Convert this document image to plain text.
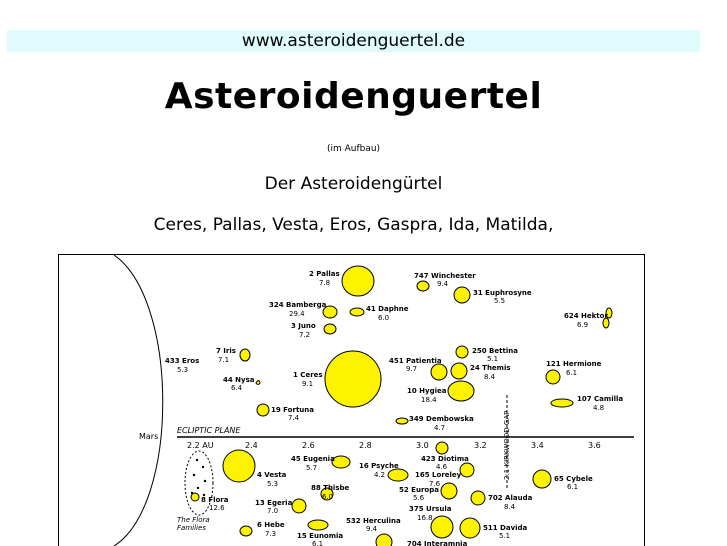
www.asteroidenguertel.de
Asteroidenguertel
(im Aufbau)
Der Asteroidengürtel
Ceres, Pallas, Vesta, Eros, Gaspra, Ida, Matilda,
Mars
ECLIPTIC PLANE	2:1 KIRKWOOD GAP
2.2 AU	2.4	2.6	2.8	3.0	3.2	3.4	3.6
The Flora
Families
2 Pallas
7.8
747 Winchester
9.4
31 Euphrosyne
5.5
324 Bamberga
29.4
41 Daphne
6.0
3 Juno
7.2
624 Hektor
6.9
7 Iris
7.1
433 Eros
5.3
44 Nysa
6.4
1 Ceres
9.1
451 Patientia
9.7
250 Bettina
5.1
24 Themis
8.4
121 Hermione
6.1
10 Hygiea
18.4	107 Camilla
4.8
19 Fortuna
7.4	349 Dembowska
4.7
45 Eugenia
5.7
4 Vesta
5.3
16 Psyche
4.2
423 Diotima
4.6
165 Loreley
7.6
65 Cybele
6.1
88 Thisbe
6.0
52 Europa
5.6	702 Alauda
8.4
8 Flora
12.6
13 Egeria
7.0	375 Ursula
16.8
6 Hebe
7.3
532 Herculina
9.4	511 Davida
5.1
15 Eunomia
6.1	704 Interamnia
